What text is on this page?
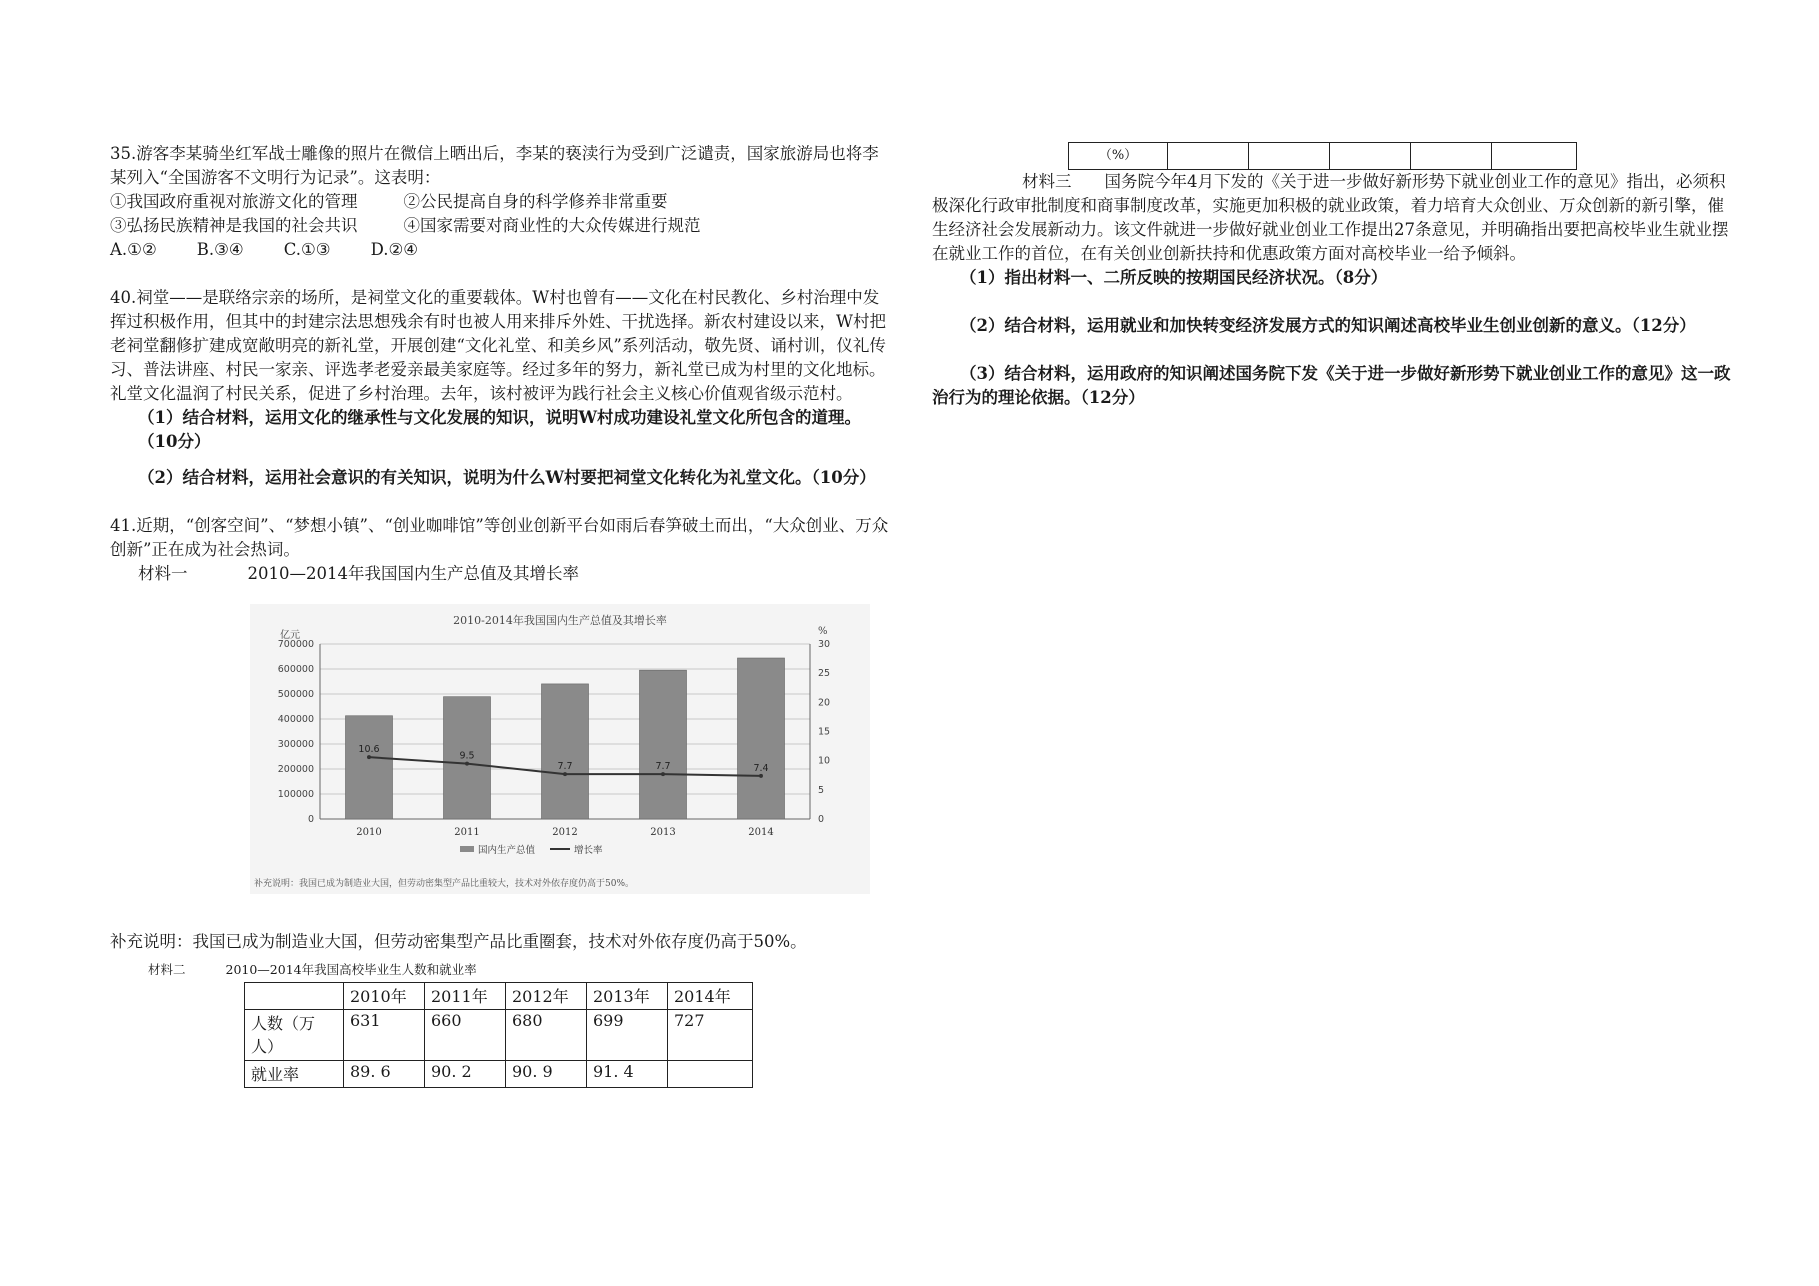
35.游客李某骑坐红军战士雕像的照片在微信上晒出后，李某的亵渎行为受到广泛谴责，国家旅游局也将李某列入“全国游客不文明行为记录”。这表明：

①我国政府重视对旅游文化的管理	②公民提高自身的科学修养非常重要
③弘扬民族精神是我国的社会共识	④国家需要对商业性的大众传媒进行规范
A.①② B.③④ C.①③ D.②④

40.祠堂——是联络宗亲的场所，是祠堂文化的重要载体。W村也曾有——文化在村民教化、乡村治理中发挥过积极作用，但其中的封建宗法思想残余有时也被人用来排斥外姓、干扰选择。新农村建设以来，W村把老祠堂翻修扩建成宽敞明亮的新礼堂，开展创建“文化礼堂、和美乡风”系列活动，敬先贤、诵村训，仪礼传习、普法讲座、村民一家亲、评选孝老爱亲最美家庭等。经过多年的努力，新礼堂已成为村里的文化地标。礼堂文化温润了村民关系，促进了乡村治理。去年，该村被评为践行社会主义核心价值观省级示范村。

（1）结合材料，运用文化的继承性与文化发展的知识，说明W村成功建设礼堂文化所包含的道理。（10分）

（2）结合材料，运用社会意识的有关知识，说明为什么W村要把祠堂文化转化为礼堂文化。（10分）

41.近期，“创客空间”、“梦想小镇”、“创业咖啡馆”等创业创新平台如雨后春笋破土而出，“大众创业、万众创新”正在成为社会热词。

材料一	2010—2014年我国国内生产总值及其增长率

2010-2014年我国国内生产总值及其增长率
亿元	%
0
100000
200000
300000
400000
500000
600000
700000
0
5
10
15
20
25
30
2010	2011	2012	2013	2014
10.6
9.5
7.7	7.7	7.4
国内生产总值	增长率
补充说明：我国已成为制造业大国，但劳动密集型产品比重较大，技术对外依存度仍高于50%。

补充说明：我国已成为制造业大国，但劳动密集型产品比重圈套，技术对外依存度仍高于50%。

材料二	2010—2014年我国高校毕业生人数和就业率
	2010年	2011年	2012年	2013年	2014年
人数（万人）	631	660	680	699	727
就业率	89. 6	90. 2	90. 9	91. 4	
（%）					

材料三　　国务院今年4月下发的《关于进一步做好新形势下就业创业工作的意见》指出，必须积极深化行政审批制度和商事制度改革，实施更加积极的就业政策，着力培育大众创业、万众创新的新引擎，催生经济社会发展新动力。该文件就进一步做好就业创业工作提出27条意见，并明确指出要把高校毕业生就业摆在就业工作的首位，在有关创业创新扶持和优惠政策方面对高校毕业一给予倾斜。

（1）指出材料一、二所反映的按期国民经济状况。（8分）

（2）结合材料，运用就业和加快转变经济发展方式的知识阐述高校毕业生创业创新的意义。（12分）

（3）结合材料，运用政府的知识阐述国务院下发《关于进一步做好新形势下就业创业工作的意见》这一政治行为的理论依据。（12分）
